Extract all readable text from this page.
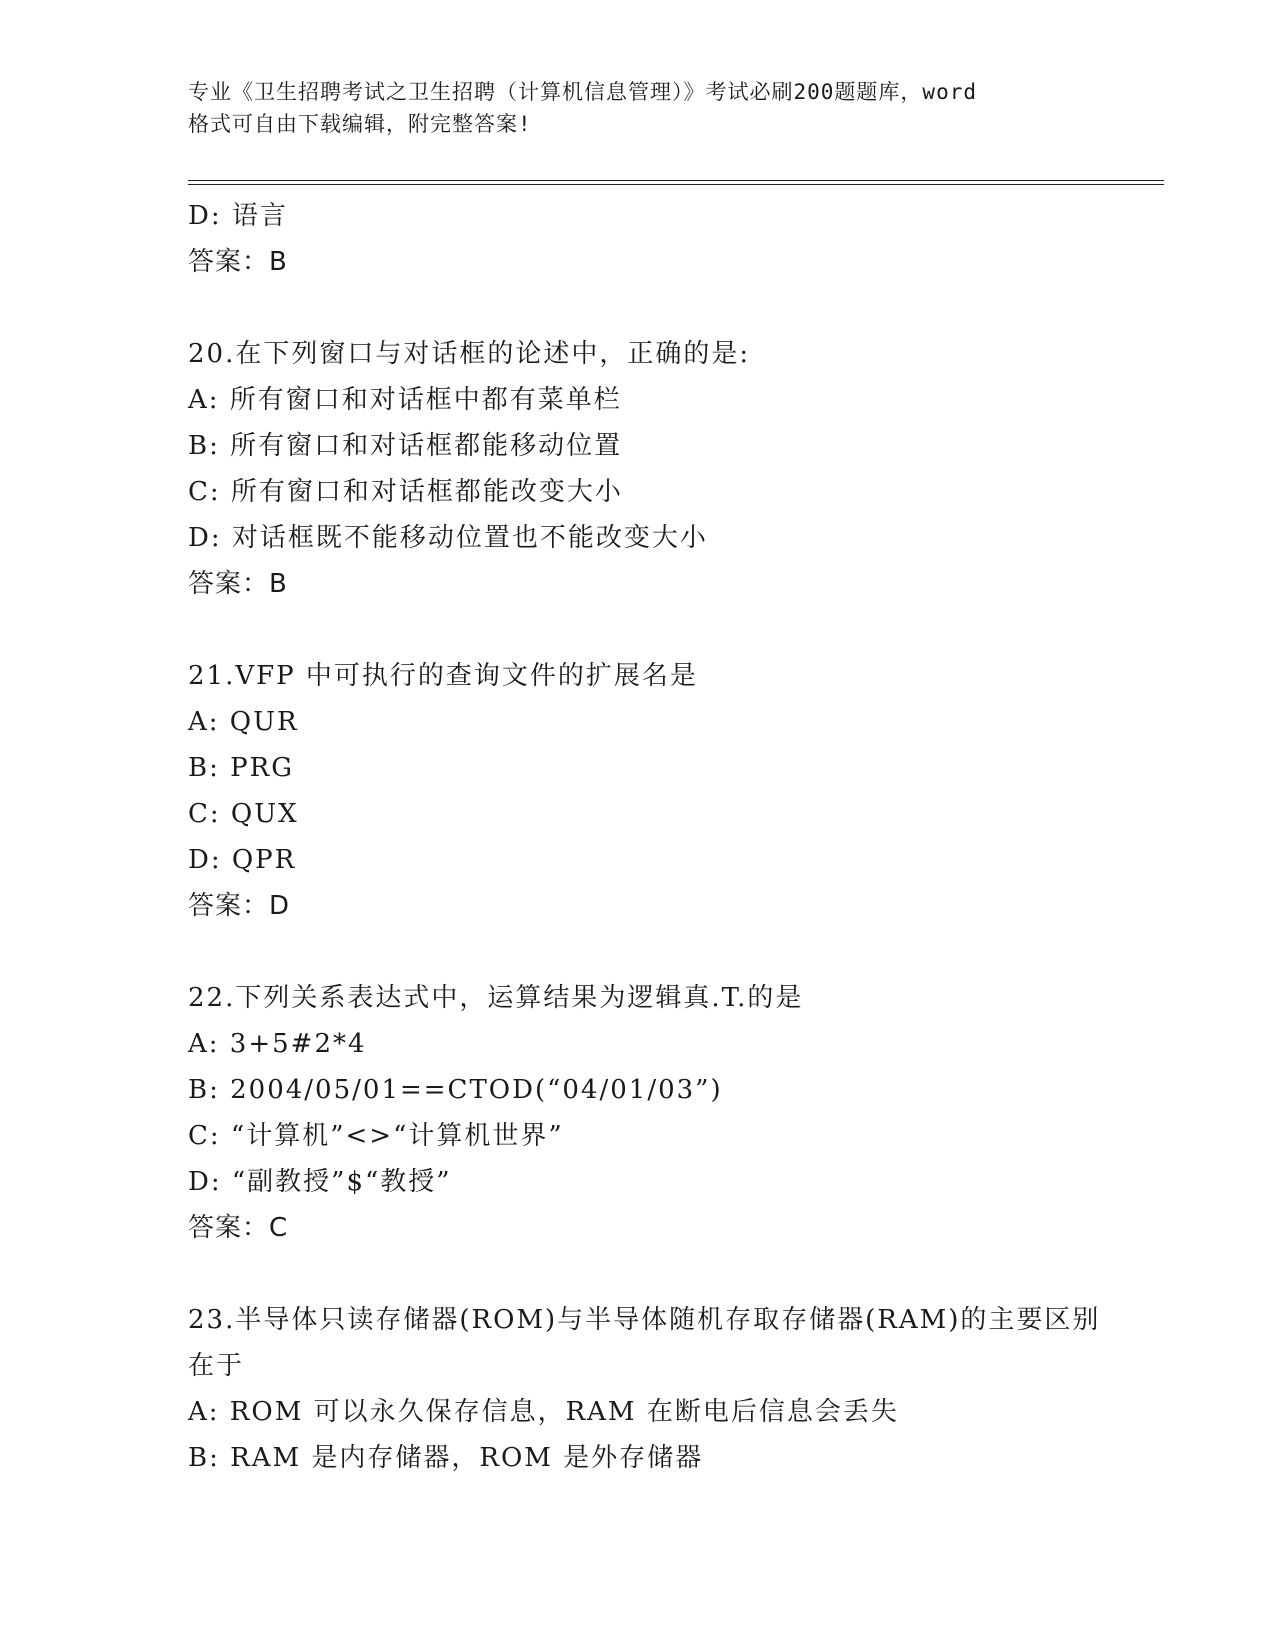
专业《卫生招聘考试之卫生招聘（计算机信息管理）》考试必刷200题题库，word
格式可自由下载编辑，附完整答案!
D: 语言
答案：B
20.在下列窗口与对话框的论述中，正确的是:
A: 所有窗口和对话框中都有菜单栏
B: 所有窗口和对话框都能移动位置
C: 所有窗口和对话框都能改变大小
D: 对话框既不能移动位置也不能改变大小
答案：B
21.VFP 中可执行的查询文件的扩展名是
A: QUR
B: PRG
C: QUX
D: QPR
答案：D
22.下列关系表达式中，运算结果为逻辑真.T.的是
A: 3+5#2*4
B: 2004/05/01==CTOD(“04/01/03”)
C: “计算机”<>“计算机世界”
D: “副教授”$“教授”
答案：C
23.半导体只读存储器(ROM)与半导体随机存取存储器(RAM)的主要区别
在于
A: ROM 可以永久保存信息，RAM 在断电后信息会丢失
B: RAM 是内存储器，ROM 是外存储器
